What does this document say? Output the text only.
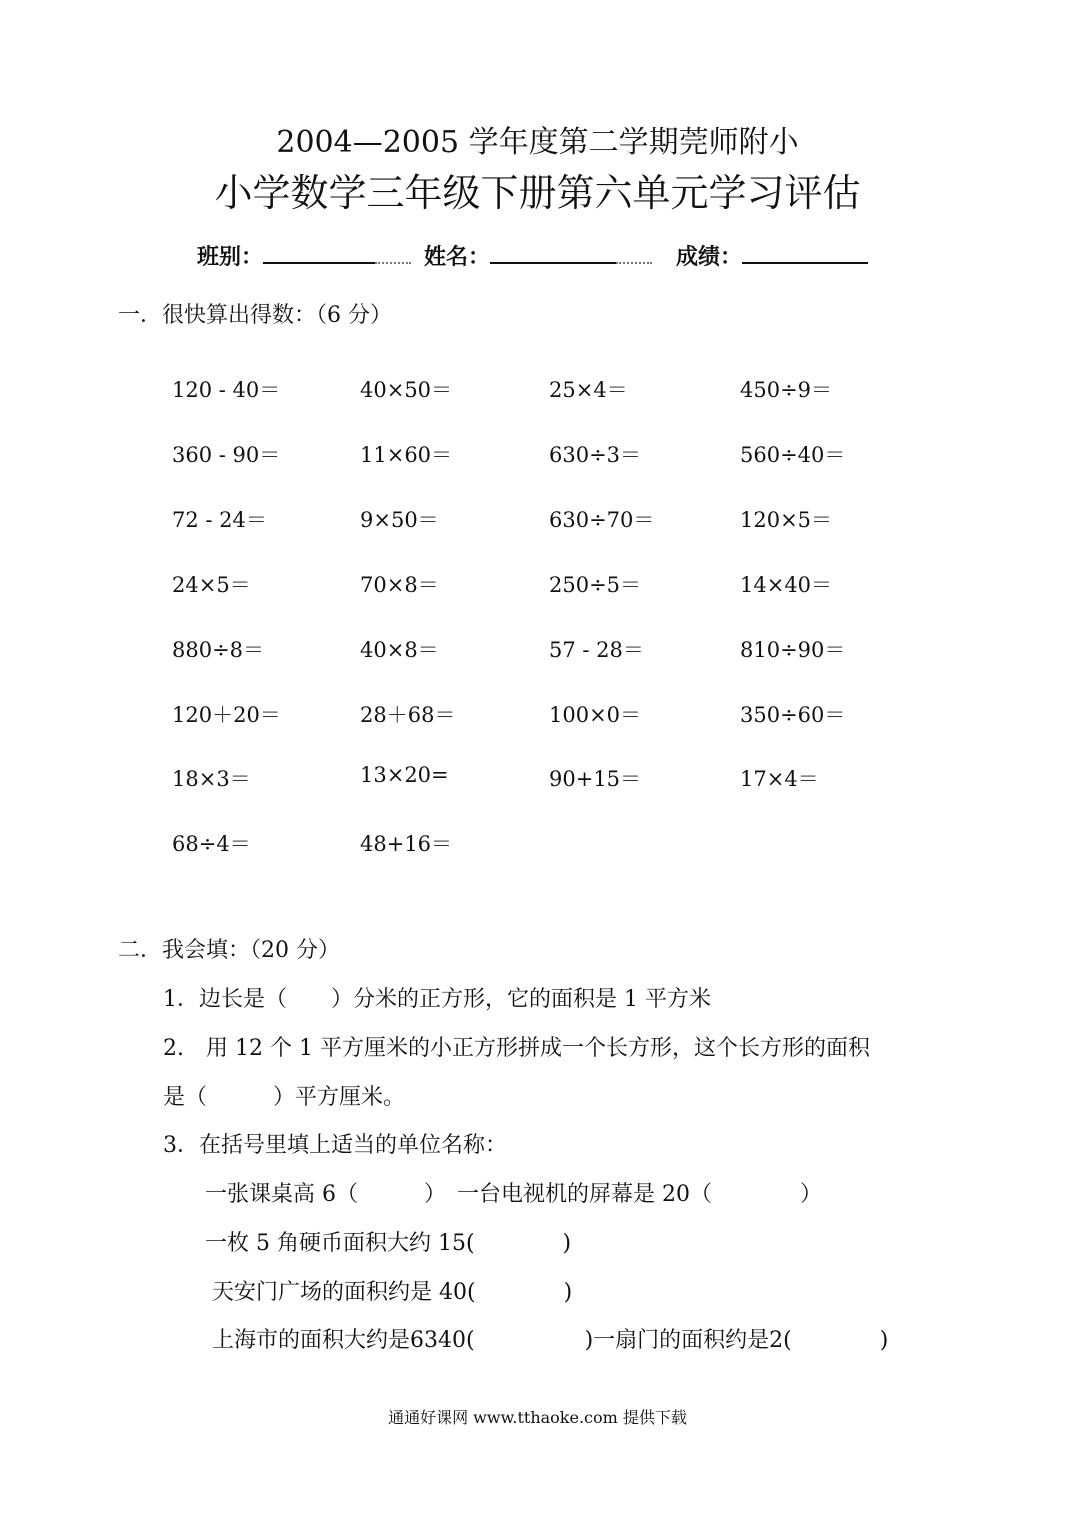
2004—2005 学年度第二学期莞师附小
小学数学三年级下册第六单元学习评估
班别：	姓名：	成绩：
一．很快算出得数：（6 分）
120 - 40＝	40×50＝	25×4＝	450÷9＝
360 - 90＝	11×60＝	630÷3＝	560÷40＝
72 - 24＝	9×50＝	630÷70＝	120×5＝
24×5＝	70×8＝	250÷5＝	14×40＝
880÷8＝	40×8＝	57 - 28＝	810÷90＝
120＋20＝	28＋68＝	100×0＝	350÷60＝
18×3＝	13×20=	90+15＝	17×4＝
68÷4＝	48+16＝
二．我会填：（20 分）
1．边长是（　　）分米的正方形，它的面积是 1 平方米
2.　用 12 个 1 平方厘米的小正方形拼成一个长方形，这个长方形的面积
是（　　　）平方厘米。
3．在括号里填上适当的单位名称：
一张课桌高 6（　　　）　一台电视机的屏幕是 20（　　　　）
一枚 5 角硬币面积大约 15(　　　　)
天安门广场的面积约是 40(　　　　)
上海市的面积大约是6340(　　　　　)一扇门的面积约是2(　　　　)
通通好课网 www.tthaoke.com 提供下载
